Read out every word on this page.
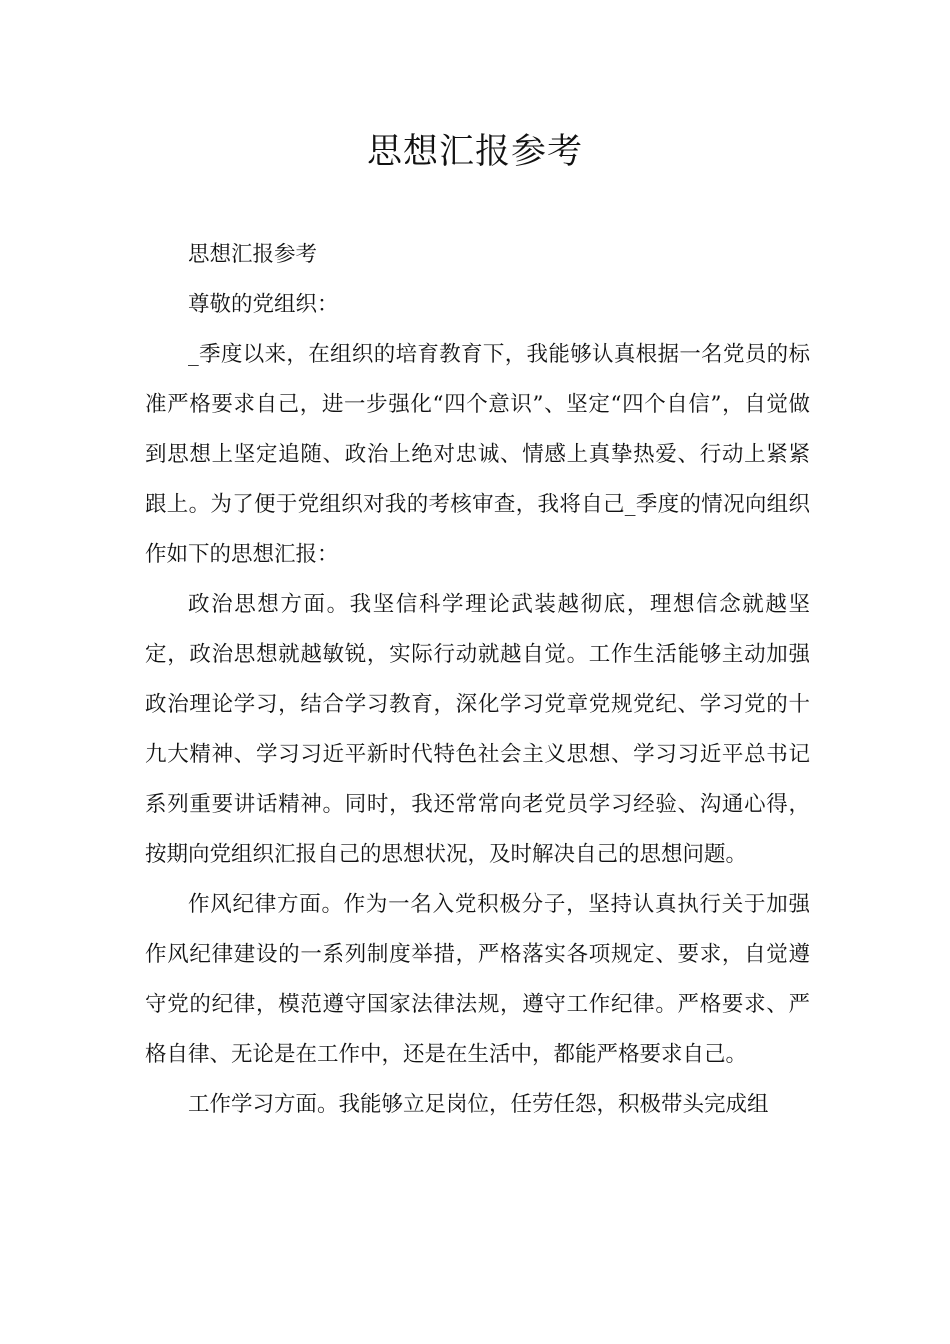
思想汇报参考

思想汇报参考

尊敬的党组织：

_季度以来，在组织的培育教育下，我能够认真根据一名党员的标准严格要求自己，进一步强化“四个意识”、坚定“四个自信”，自觉做到思想上坚定追随、政治上绝对忠诚、情感上真挚热爱、行动上紧紧跟上。为了便于党组织对我的考核审查，我将自己_季度的情况向组织作如下的思想汇报：

政治思想方面。我坚信科学理论武装越彻底，理想信念就越坚定，政治思想就越敏锐，实际行动就越自觉。工作生活能够主动加强政治理论学习，结合学习教育，深化学习党章党规党纪、学习党的十九大精神、学习习近平新时代特色社会主义思想、学习习近平总书记系列重要讲话精神。同时，我还常常向老党员学习经验、沟通心得，按期向党组织汇报自己的思想状况，及时解决自己的思想问题。

作风纪律方面。作为一名入党积极分子，坚持认真执行关于加强作风纪律建设的一系列制度举措，严格落实各项规定、要求，自觉遵守党的纪律，模范遵守国家法律法规，遵守工作纪律。严格要求、严格自律、无论是在工作中，还是在生活中，都能严格要求自己。

工作学习方面。我能够立足岗位，任劳任怨，积极带头完成组
